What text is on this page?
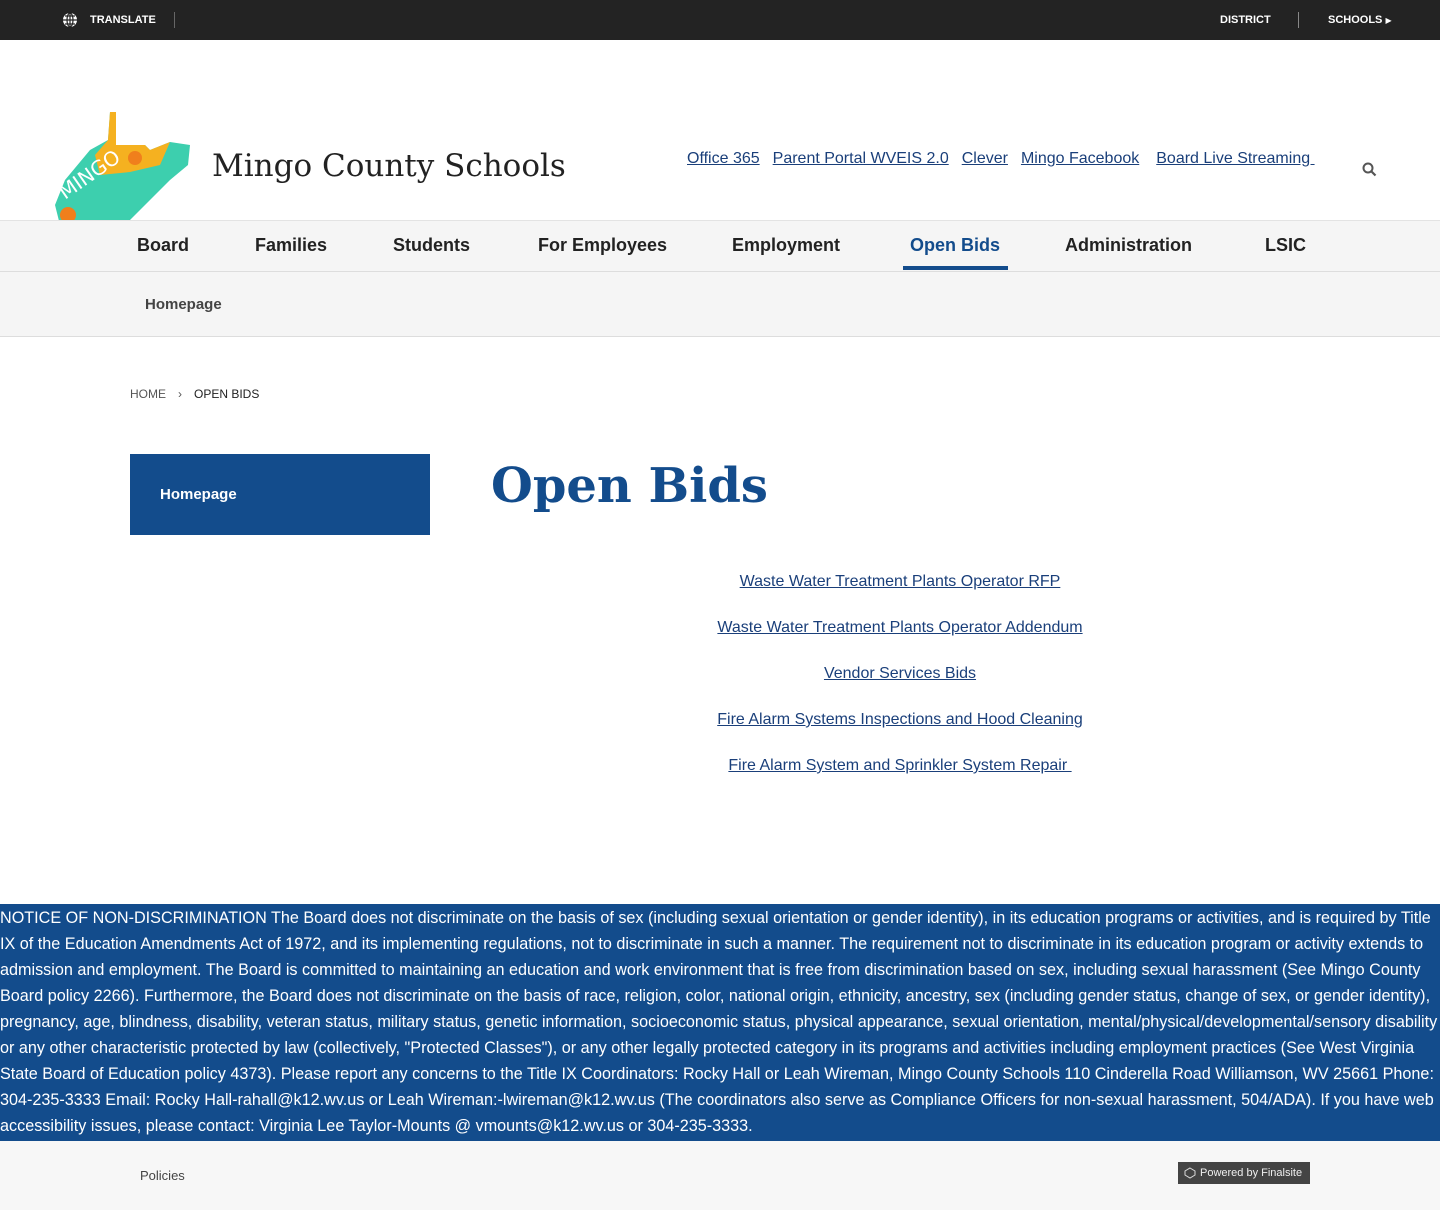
TRANSLATE	DISTRICT	SCHOOLS ▶
MINGO	Mingo County Schools	Office 365 Parent Portal WVEIS 2.0 Clever Mingo Facebook Board Live Streaming
Board	Families	Students	For Employees	Employment	Open Bids	Administration	LSIC
Homepage
HOME › OPEN BIDS
Homepage	Open Bids
Waste Water Treatment Plants Operator RFP
Waste Water Treatment Plants Operator Addendum
Vendor Services Bids
Fire Alarm Systems Inspections and Hood Cleaning
Fire Alarm System and Sprinkler System Repair
NOTICE OF NON-DISCRIMINATION The Board does not discriminate on the basis of sex (including sexual orientation or gender identity), in its education programs or activities, and is required by Title IX of the Education Amendments Act of 1972, and its implementing regulations, not to discriminate in such a manner. The requirement not to discriminate in its education program or activity extends to admission and employment. The Board is committed to maintaining an education and work environment that is free from discrimination based on sex, including sexual harassment (See Mingo County Board policy 2266). Furthermore, the Board does not discriminate on the basis of race, religion, color, national origin, ethnicity, ancestry, sex (including gender status, change of sex, or gender identity), pregnancy, age, blindness, disability, veteran status, military status, genetic information, socioeconomic status, physical appearance, sexual orientation, mental/physical/developmental/sensory disability or any other characteristic protected by law (collectively, "Protected Classes"), or any other legally protected category in its programs and activities including employment practices (See West Virginia State Board of Education policy 4373). Please report any concerns to the Title IX Coordinators: Rocky Hall or Leah Wireman, Mingo County Schools 110 Cinderella Road Williamson, WV 25661 Phone: 304-235-3333 Email: Rocky Hall-rahall@k12.wv.us or Leah Wireman:-lwireman@k12.wv.us (The coordinators also serve as Compliance Officers for non-sexual harassment, 504/ADA). If you have web accessibility issues, please contact: Virginia Lee Taylor-Mounts @ vmounts@k12.wv.us or 304-235-3333.
Policies	Powered by Finalsite
